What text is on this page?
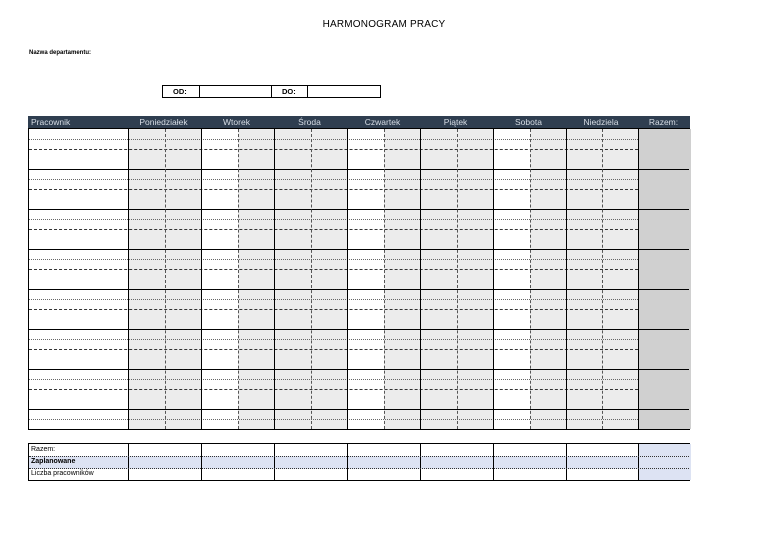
HARMONOGRAM PRACY
Nazwa departamentu:
OD:	DO:
Pracownik	Poniedziałek	Wtorek	Środa	Czwartek	Piątek	Sobota	Niedziela	Razem:
Razem:
Zaplanowane
Liczba pracowników
